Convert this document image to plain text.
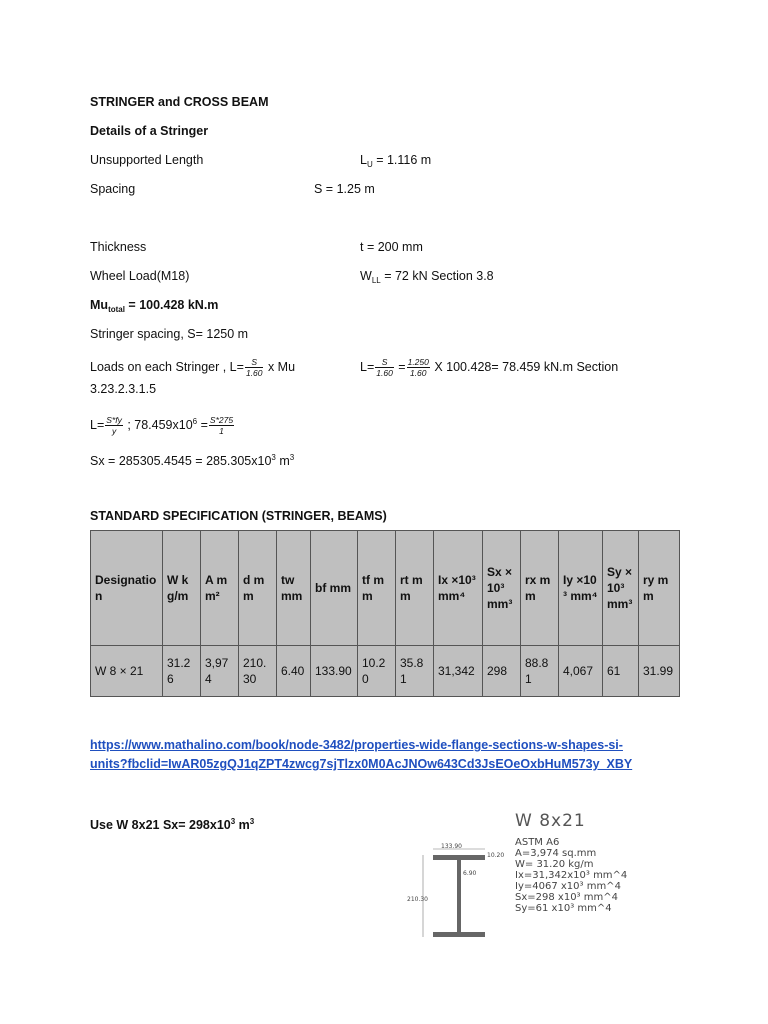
STRINGER and CROSS BEAM
Details of a Stringer
Unsupported Length	$L_U = 1.116$ m
Spacing	S = 1.25 m
Thickness	t = 200 mm
Wheel Load(M18)	$W_{LL} = 72$ kN Section 3.8
$Mu_{total} = 100.428$ kN.m
Stringer spacing, S= 1250 m
Loads on each Stringer , $L= \frac{S}{1.60}$ x Mu	$L= \frac{S}{1.60} = \frac{1.250}{1.60}$ X 100.428= 78.459 kN.m Section
3.23.2.3.1.5
$L= \frac{S*fy}{y}$ ; $78.459x10^6 = \frac{S*275}{1}$
$Sx = 285305.4545 = 285.305x10^3$ $m^3$
STANDARD SPECIFICATION (STRINGER, BEAMS)
Designation	W kg/m	A mm²	d mm	tw mm	bf mm	tf mm	rt mm	Ix ×10³ mm⁴	Sx ×10³ mm³	rx mm	Iy ×10³ mm⁴	Sy ×10³ mm³	ry mm
W 8 × 21	31.26	3,974	210.30	6.40	133.90	10.20	35.81	31,342	298	88.81	4,067	61	31.99
https://www.mathalino.com/book/node-3482/properties-wide-flange-sections-w-shapes-si-
units?fbclid=IwAR05zgQJ1qZPT4zwcg7sjTlzx0M0AcJNOw643Cd3JsEOeOxbHuM573y_XBY
Use W 8x21 $Sx= 298x10^3$ $m^3$
133.90
10.20
210.30
6.90
W 8x21
ASTM A6
A=3,974 sq.mm
W= 31.20 kg/m
Ix=31,342x10³ mm^4
Iy=4067 x10³ mm^4
Sx=298 x10³ mm^4
Sy=61 x10³ mm^4
